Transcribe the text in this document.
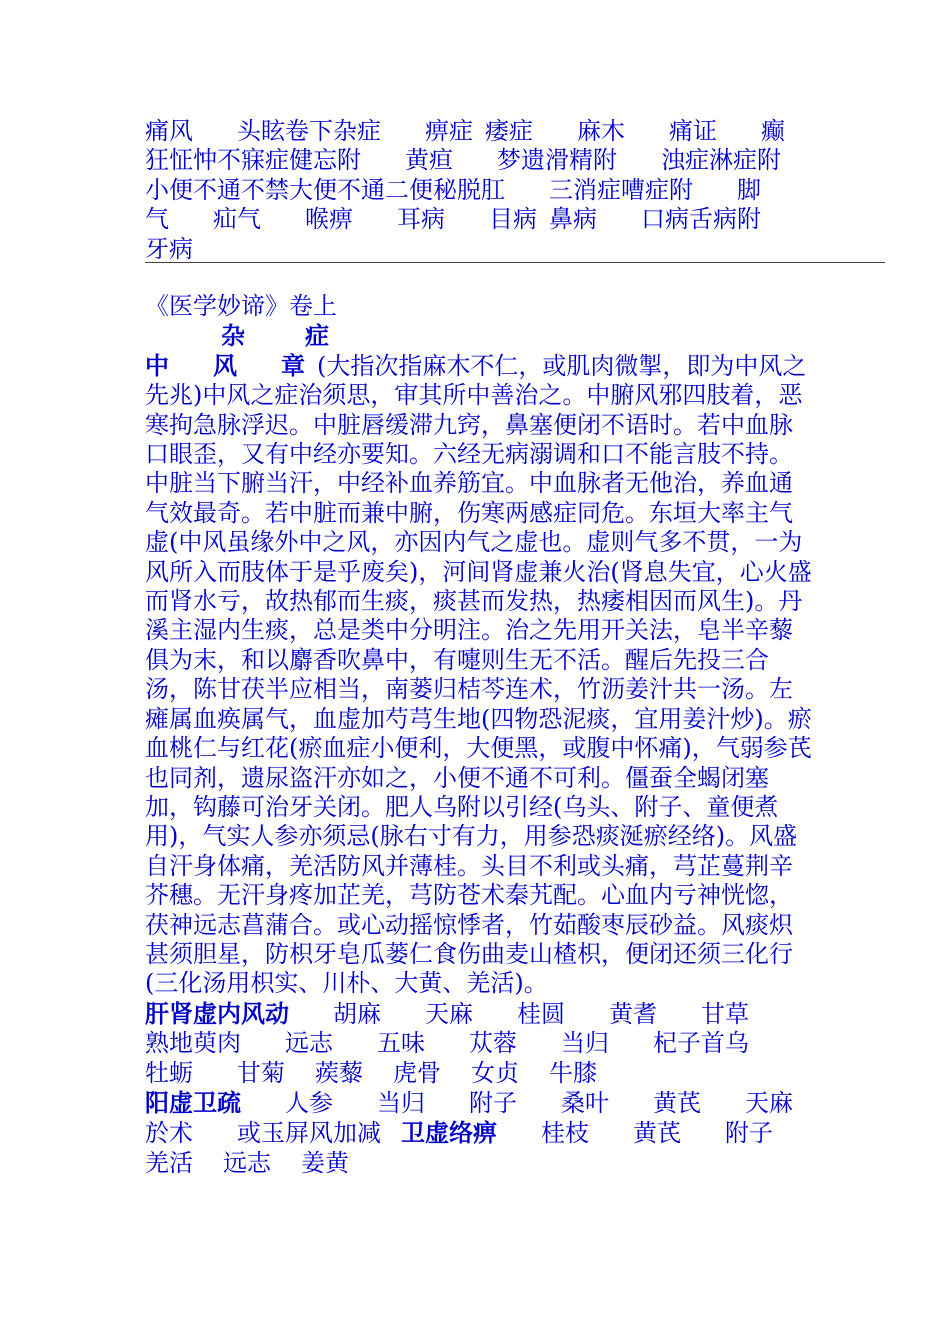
痛风 头眩卷下杂症 痹症 痿症 麻木 痛证 癫
狂怔忡不寐症健忘附 黄疸 梦遗滑精附 浊症淋症附
小便不通不禁大便不通二便秘脱肛 三消症嘈症附 脚
气 疝气 喉痹 耳病 目病 鼻病 口病舌病附
牙病

《医学妙谛》卷上

杂	症

中 风 章 (大指次指麻木不仁，或肌肉微掣，即为中风之先兆)中风之症治须思，审其所中善治之。中腑风邪四肢着，恶寒拘急脉浮迟。中脏唇缓滞九窍，鼻塞便闭不语时。若中血脉口眼歪，又有中经亦要知。六经无病溺调和口不能言肢不持。中脏当下腑当汗，中经补血养筋宜。中血脉者无他治，养血通气效最奇。若中脏而兼中腑，伤寒两感症同危。东垣大率主气虚(中风虽缘外中之风，亦因内气之虚也。虚则气多不贯，一为风所入而肢体于是乎废矣)，河间肾虚兼火治(肾息失宜，心火盛而肾水亏，故热郁而生痰，痰甚而发热，热痿相因而风生)。丹溪主湿内生痰，总是类中分明注。治之先用开关法，皂半辛藜俱为末，和以麝香吹鼻中，有嚏则生无不活。醒后先投三合汤，陈甘茯半应相当，南蒌归桔芩连术，竹沥姜汁共一汤。左瘫属血痪属气，血虚加芍芎生地(四物恐泥痰，宜用姜汁炒)。瘀血桃仁与红花(瘀血症小便利，大便黑，或腹中怀痛)，气弱参芪也同剂，遗尿盗汗亦如之，小便不通不可利。僵蚕全蝎闭塞加，钩藤可治牙关闭。肥人乌附以引经(乌头、附子、童便煮用)，气实人参亦须忌(脉右寸有力，用参恐痰涎瘀经络)。风盛自汗身体痛，羌活防风并薄桂。头目不利或头痛，芎芷蔓荆辛芥穗。无汗身疼加芷羌，芎防苍术秦艽配。心血内亏神恍惚，茯神远志菖蒲合。或心动摇惊悸者，竹茹酸枣辰砂益。风痰炽甚须胆星，防枳牙皂瓜蒌仁食伤曲麦山楂枳，便闭还须三化行(三化汤用枳实、川朴、大黄、羌活)。

肝肾虚内风动 胡麻 天麻 桂圆 黄耆 甘草

熟地萸肉 远志 五味 苁蓉 当归 杞子首乌

牡蛎 甘菊 蒺藜 虎骨 女贞 牛膝

阳虚卫疏 人参 当归 附子 桑叶 黄芪 天麻

於术 或玉屏风加减 卫虚络痹 桂枝 黄芪 附子

羌活 远志 姜黄
